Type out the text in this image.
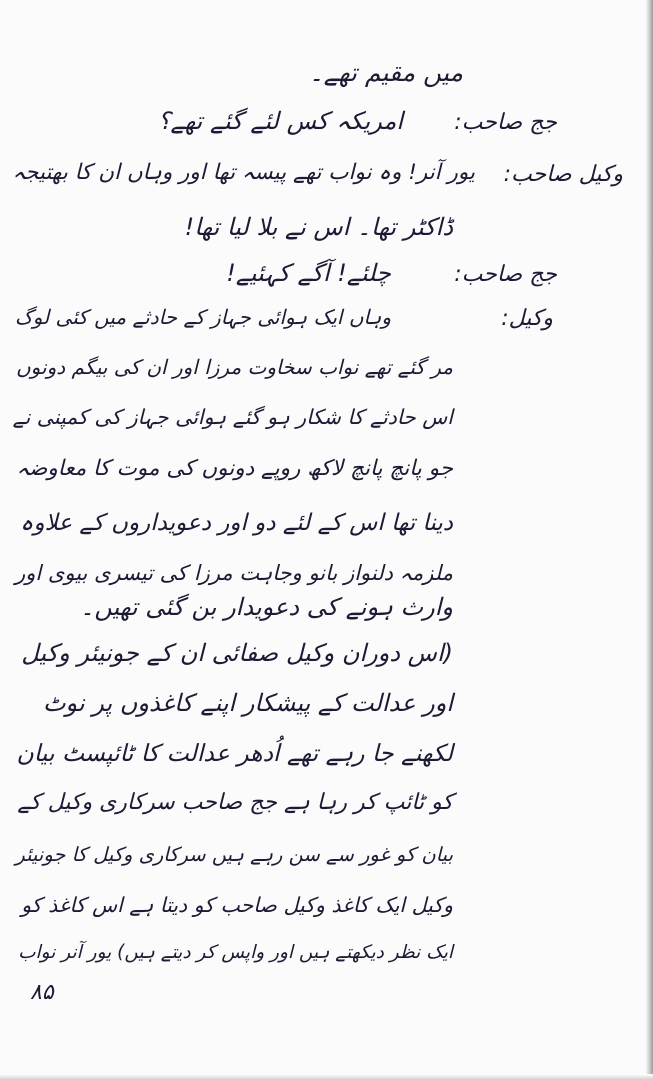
میں مقیم تھے۔
جج صاحب:
امریکہ کس لئے گئے تھے؟
وکیل صاحب:
یور آنر! وہ نواب تھے پیسہ تھا اور وہاں ان کا بھتیجہ
ڈاکٹر تھا۔ اس نے بلا لیا تھا!
جج صاحب:
چلئے! آگے کہئیے!
وکیل:
وہاں ایک ہوائی جہاز کے حادثے میں کئی لوگ
مر گئے تھے نواب سخاوت مرزا اور ان کی بیگم دونوں
اس حادثے کا شکار ہو گئے ہوائی جہاز کی کمپنی نے
جو پانچ پانچ لاکھ روپے دونوں کی موت کا معاوضہ
دینا تھا اس کے لئے دو اور دعویداروں کے علاوہ
ملزمہ دلنواز بانو وجاہت مرزا کی تیسری بیوی اور
وارث ہونے کی دعویدار بن گئی تھیں۔
(اس دوران وکیل صفائی ان کے جونیئر وکیل
اور عدالت کے پیشکار اپنے کاغذوں پر نوٹ
لکھنے جا رہے تھے اُدھر عدالت کا ٹائپسٹ بیان
کو ٹائپ کر رہا ہے جج صاحب سرکاری وکیل کے
بیان کو غور سے سن رہے ہیں سرکاری وکیل کا جونیئر
وکیل ایک کاغذ وکیل صاحب کو دیتا ہے اس کاغذ کو
ایک نظر دیکھتے ہیں اور واپس کر دیتے ہیں) یور آنر نواب
۸۵
